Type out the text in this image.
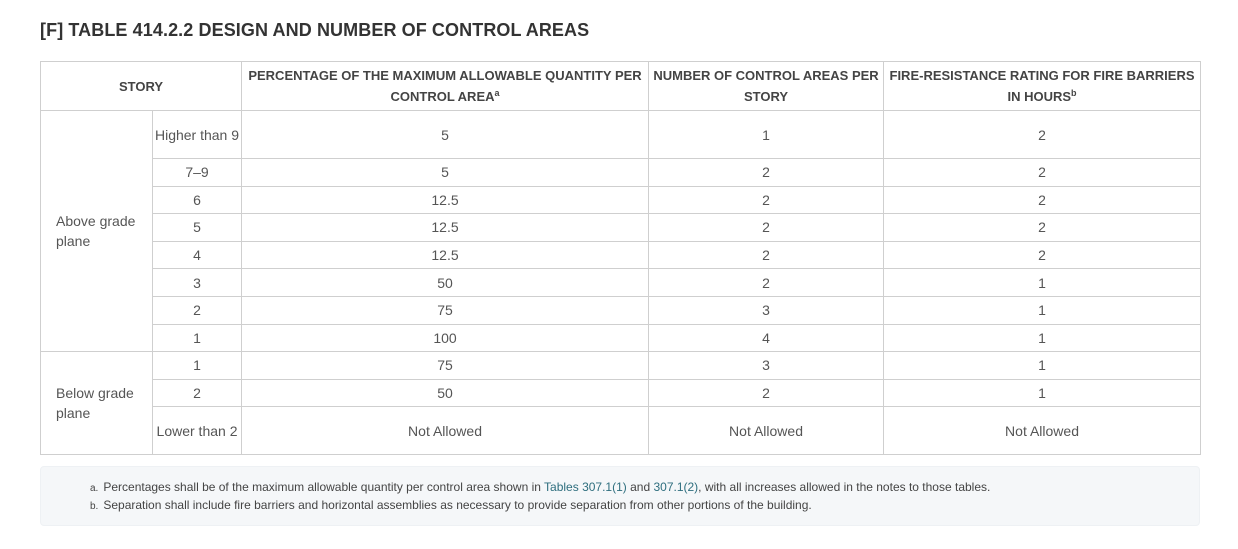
[F] TABLE 414.2.2 DESIGN AND NUMBER OF CONTROL AREAS
STORY		PERCENTAGE OF THE MAXIMUM ALLOWABLE QUANTITY PER CONTROL AREA$^a$	NUMBER OF CONTROL AREAS PER STORY	FIRE-RESISTANCE RATING FOR FIRE BARRIERS IN HOURS$^b$
Above grade plane	Higher than 9	5	1	2
	7–9	5	2	2
	6	12.5	2	2
	5	12.5	2	2
	4	12.5	2	2
	3	50	2	1
	2	75	3	1
	1	100	4	1
Below grade plane	1	75	3	1
	2	50	2	1
	Lower than 2	Not Allowed	Not Allowed	Not Allowed
a. Percentages shall be of the maximum allowable quantity per control area shown in Tables 307.1(1) and 307.1(2), with all increases allowed in the notes to those tables.
b. Separation shall include fire barriers and horizontal assemblies as necessary to provide separation from other portions of the building.
